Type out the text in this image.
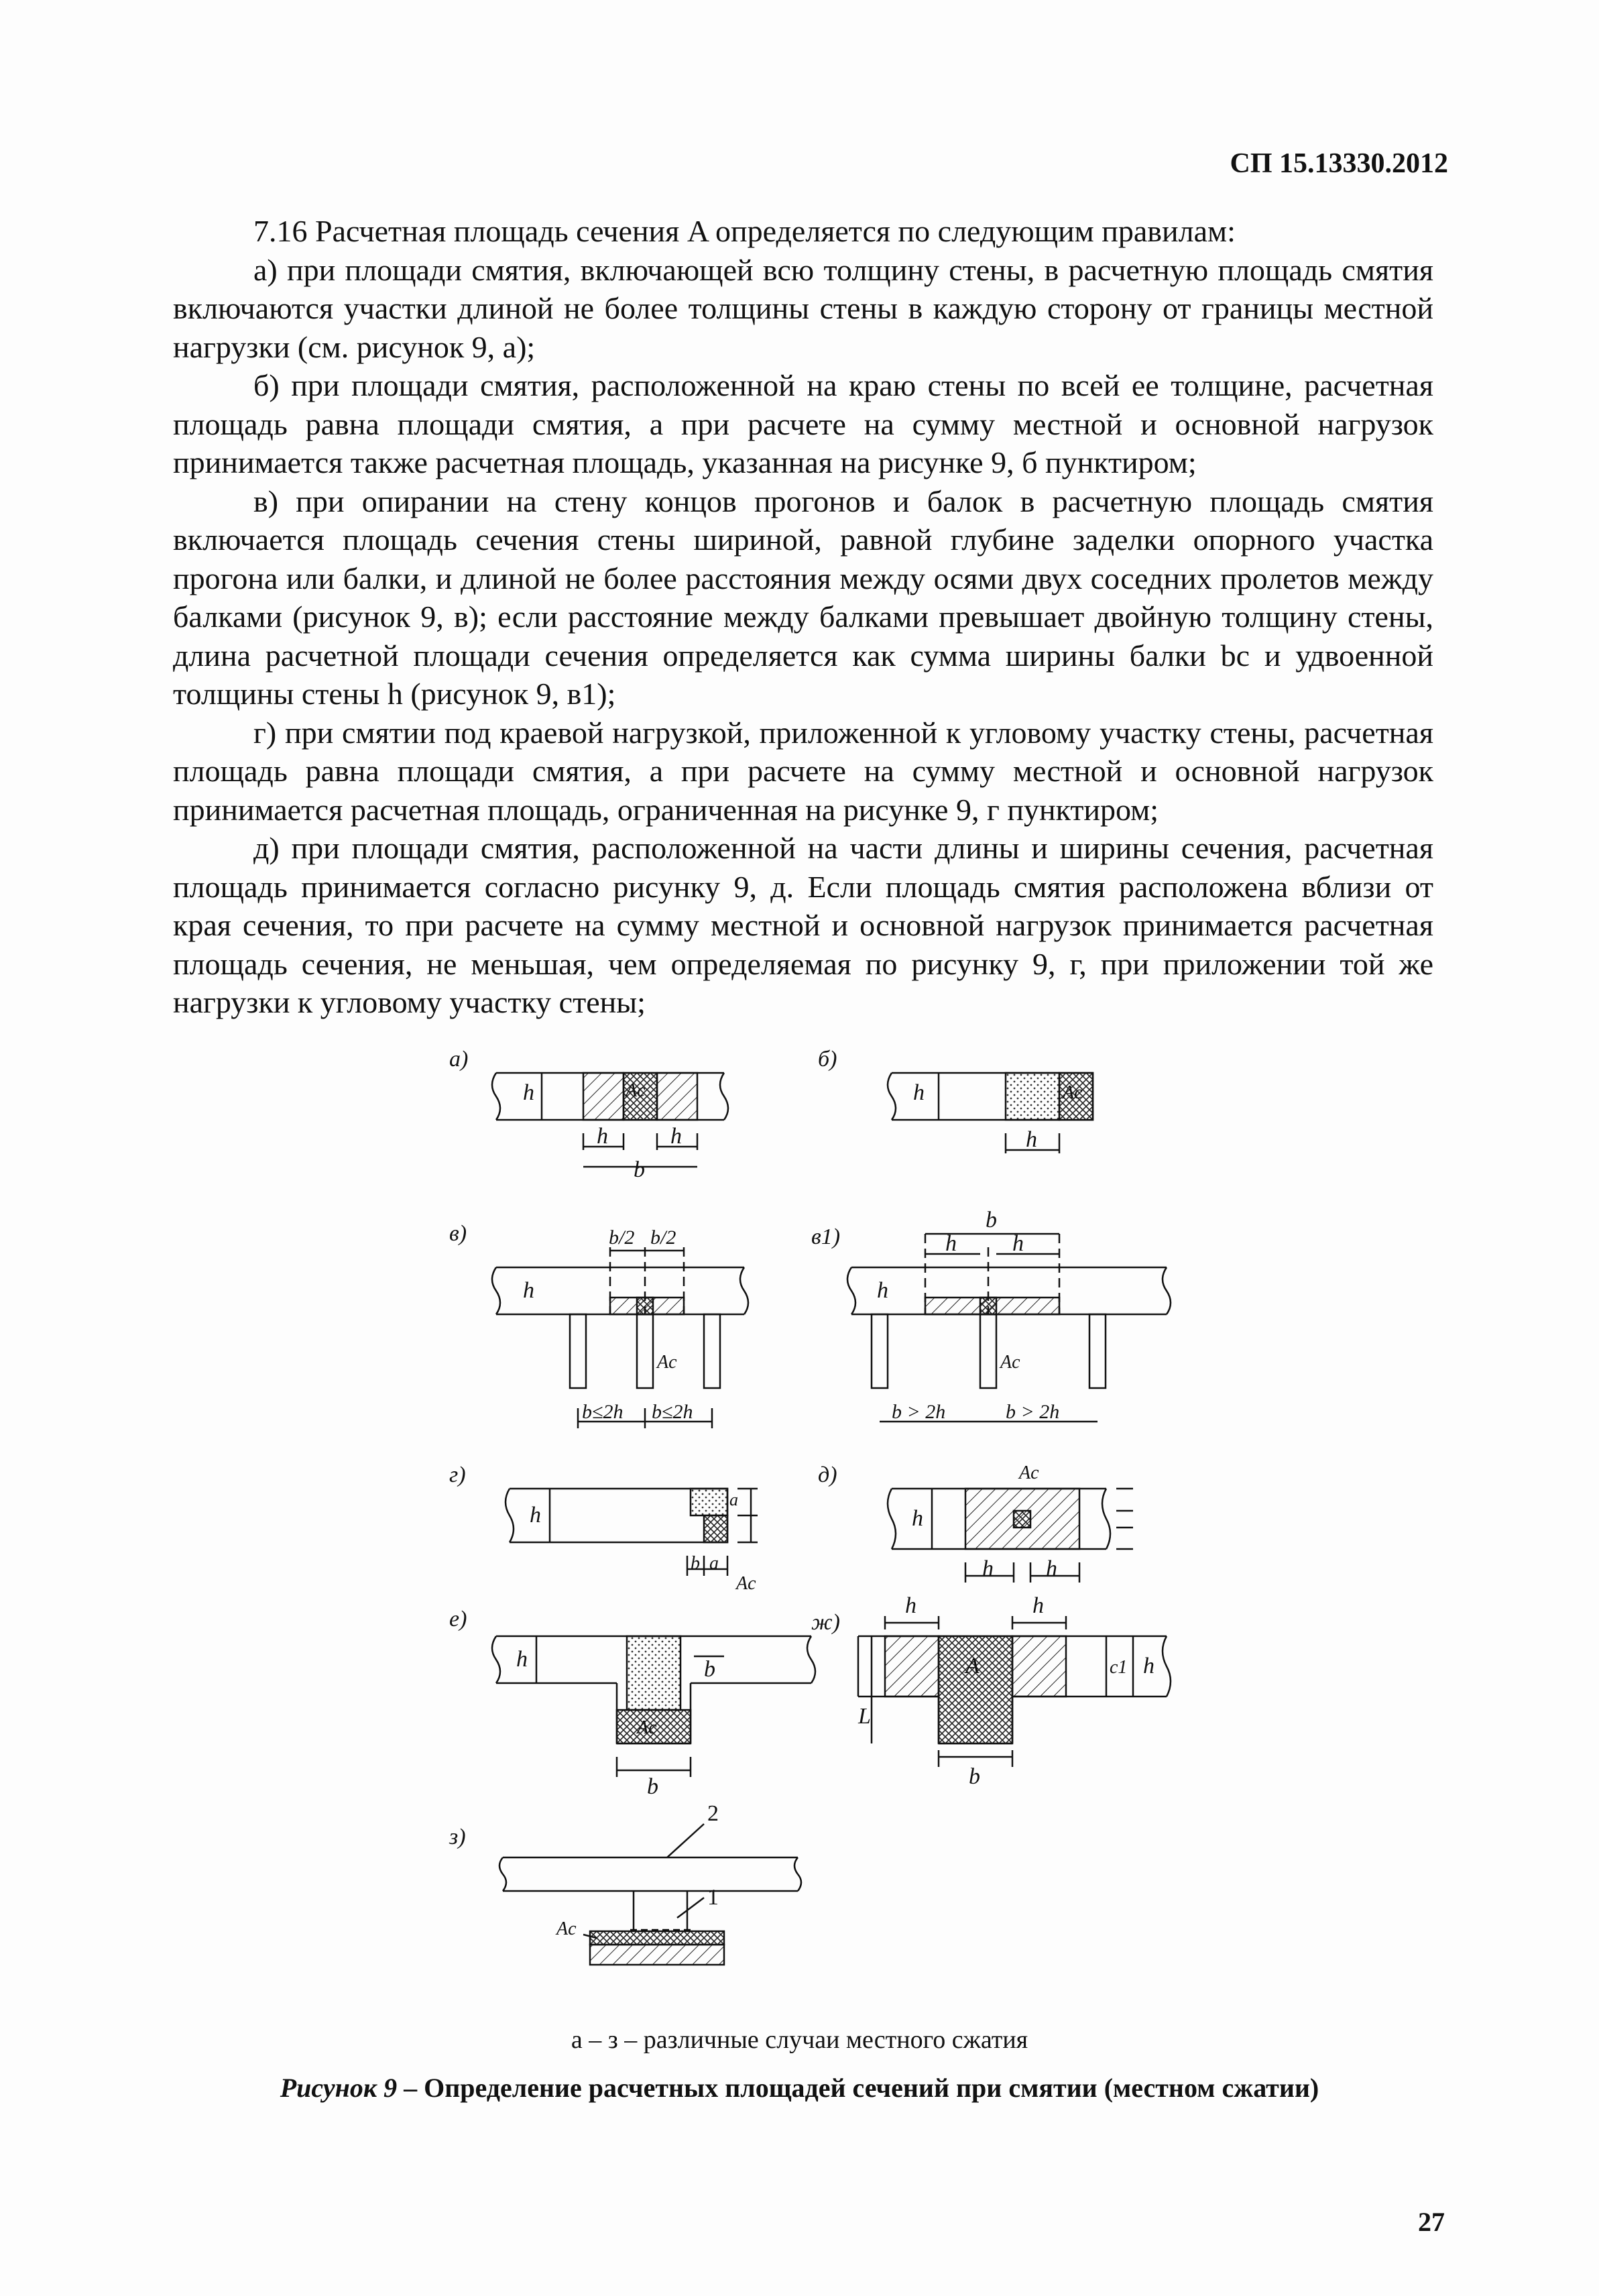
СП 15.13330.2012

7.16 Расчетная площадь сечения A определяется по следующим правилам:

а) при площади смятия, включающей всю толщину стены, в расчетную площадь смятия включаются участки длиной не более толщины стены в каждую сторону от границы местной нагрузки (см. рисунок 9, а);

б) при площади смятия, расположенной на краю стены по всей ее толщине, расчетная площадь равна площади смятия, а при расчете на сумму местной и основной нагрузок принимается также расчетная площадь, указанная на рисунке 9, б пунктиром;

в) при опирании на стену концов прогонов и балок в расчетную площадь смятия включается площадь сечения стены шириной, равной глубине заделки опорного участка прогона или балки, и длиной не более расстояния между осями двух соседних пролетов между балками (рисунок 9, в); если расстояние между балками превышает двойную толщину стены, длина расчетной площади сечения определяется как сумма ширины балки bc и удвоенной толщины стены h (рисунок 9, в1);

г) при смятии под краевой нагрузкой, приложенной к угловому участку стены, расчетная площадь равна площади смятия, а при расчете на сумму местной и основной нагрузок принимается расчетная площадь, ограниченная на рисунке 9, г пунктиром;

д) при площади смятия, расположенной на части длины и ширины сечения, расчетная площадь принимается согласно рисунку 9, д. Если площадь смятия расположена вблизи от края сечения, то при расчете на сумму местной и основной нагрузок принимается расчетная площадь сечения, не меньшая, чем определяемая по рисунку 9, г, при приложении той же нагрузки к угловому участку стены;

а)	б)
в)	в1)
г)	д)
е)	ж)
з)
h	Ac
h	h
b
h	Ac
h
b/2 b/2
h
Ac
b≤2h b≤2h
b
h h
h
Ac
b > 2h	b > 2h
h
b a
Ac
a
h
Ac
h h
h	b
Ac
b
h	h
A	c1 h
L
b
2
1
Ac
а – з – различные случаи местного сжатия
Рисунок 9 – Определение расчетных площадей сечений при смятии (местном сжатии)
27
